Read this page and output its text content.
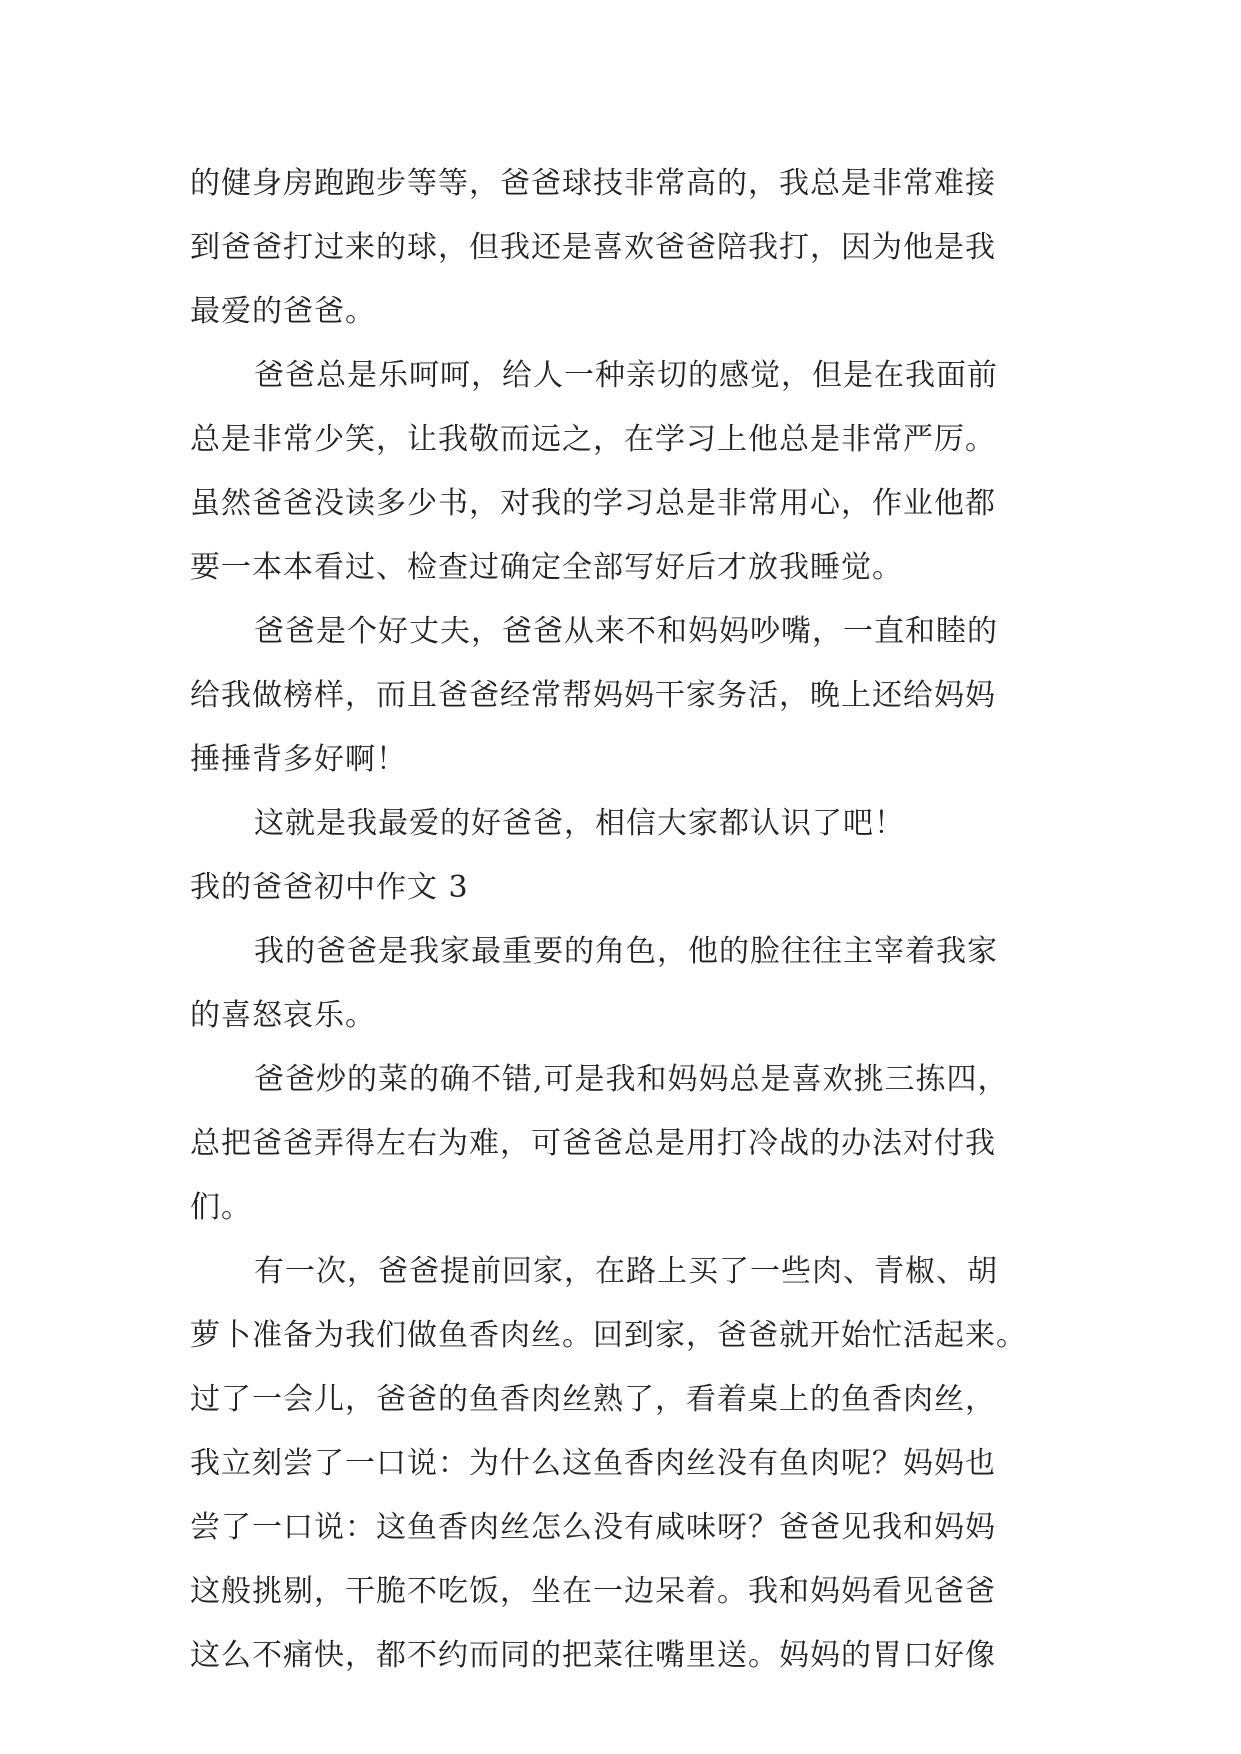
的健身房跑跑步等等，爸爸球技非常高的，我总是非常难接
到爸爸打过来的球，但我还是喜欢爸爸陪我打，因为他是我
最爱的爸爸。
爸爸总是乐呵呵，给人一种亲切的感觉，但是在我面前
总是非常少笑，让我敬而远之，在学习上他总是非常严厉。
虽然爸爸没读多少书，对我的学习总是非常用心，作业他都
要一本本看过、检查过确定全部写好后才放我睡觉。
爸爸是个好丈夫，爸爸从来不和妈妈吵嘴，一直和睦的
给我做榜样，而且爸爸经常帮妈妈干家务活，晚上还给妈妈
捶捶背多好啊！
这就是我最爱的好爸爸，相信大家都认识了吧！
我的爸爸初中作文 3
我的爸爸是我家最重要的角色，他的脸往往主宰着我家
的喜怒哀乐。
爸爸炒的菜的确不错,可是我和妈妈总是喜欢挑三拣四，
总把爸爸弄得左右为难，可爸爸总是用打冷战的办法对付我
们。
有一次，爸爸提前回家，在路上买了一些肉、青椒、胡
萝卜准备为我们做鱼香肉丝。回到家，爸爸就开始忙活起来。
过了一会儿，爸爸的鱼香肉丝熟了，看着桌上的鱼香肉丝，
我立刻尝了一口说：为什么这鱼香肉丝没有鱼肉呢？妈妈也
尝了一口说：这鱼香肉丝怎么没有咸味呀？爸爸见我和妈妈
这般挑剔，干脆不吃饭，坐在一边呆着。我和妈妈看见爸爸
这么不痛快，都不约而同的把菜往嘴里送。妈妈的胃口好像
